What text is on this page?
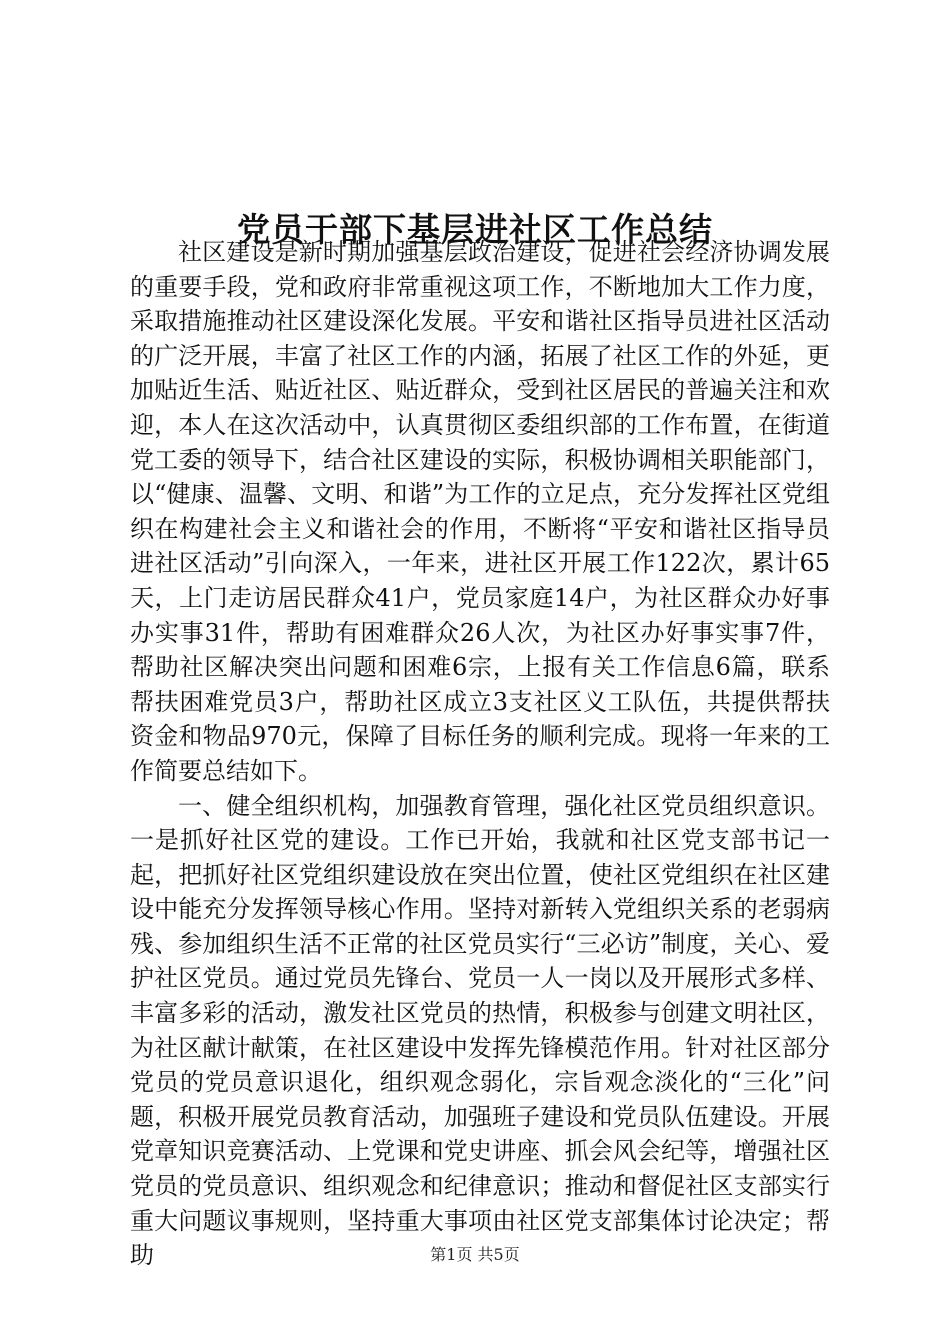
党员干部下基层进社区工作总结

社区建设是新时期加强基层政治建设，促进社会经济协调发展的重要手段，党和政府非常重视这项工作，不断地加大工作力度，采取措施推动社区建设深化发展。平安和谐社区指导员进社区活动的广泛开展，丰富了社区工作的内涵，拓展了社区工作的外延，更加贴近生活、贴近社区、贴近群众，受到社区居民的普遍关注和欢迎，本人在这次活动中，认真贯彻区委组织部的工作布置，在街道党工委的领导下，结合社区建设的实际，积极协调相关职能部门，以“健康、温馨、文明、和谐”为工作的立足点，充分发挥社区党组织在构建社会主义和谐社会的作用，不断将“平安和谐社区指导员进社区活动”引向深入，一年来，进社区开展工作122次，累计65天，上门走访居民群众41户，党员家庭14户，为社区群众办好事办实事31件，帮助有困难群众26人次，为社区办好事实事7件，帮助社区解决突出问题和困难6宗，上报有关工作信息6篇，联系帮扶困难党员3户，帮助社区成立3支社区义工队伍，共提供帮扶资金和物品970元，保障了目标任务的顺利完成。现将一年来的工作简要总结如下。

一、健全组织机构，加强教育管理，强化社区党员组织意识。一是抓好社区党的建设。工作已开始，我就和社区党支部书记一起，把抓好社区党组织建设放在突出位置，使社区党组织在社区建设中能充分发挥领导核心作用。坚持对新转入党组织关系的老弱病残、参加组织生活不正常的社区党员实行“三必访”制度，关心、爱护社区党员。通过党员先锋台、党员一人一岗以及开展形式多样、丰富多彩的活动，激发社区党员的热情，积极参与创建文明社区，为社区献计献策，在社区建设中发挥先锋模范作用。针对社区部分党员的党员意识退化，组织观念弱化，宗旨观念淡化的“三化”问题，积极开展党员教育活动，加强班子建设和党员队伍建设。开展党章知识竞赛活动、上党课和党史讲座、抓会风会纪等，增强社区党员的党员意识、组织观念和纪律意识；推动和督促社区支部实行重大问题议事规则，坚持重大事项由社区党支部集体讨论决定；帮助	第1页 共5页
